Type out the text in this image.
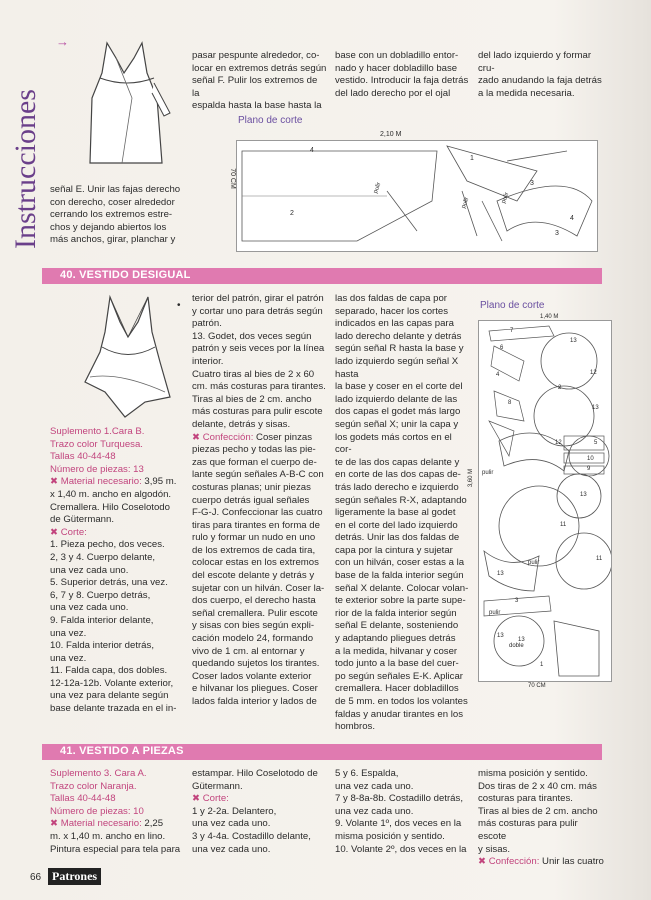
Instrucciones
→

señal E. Unir las fajas derecho

con derecho, coser alrededor

cerrando los extremos estre-

chos y dejando abiertos los

más anchos, girar, planchar y

pasar pespunte alrededor, co-

locar en extremos detrás según

señal F. Pulir los extremos de la

espalda hasta la base hasta la

base con un dobladillo entor-

nado y hacer dobladillo base

vestido. Introducir la faja detrás

del lado derecho por el ojal

del lado izquierdo y formar cru-

zado anudando la faja detrás

a la medida necesaria.

Plano de corte
2,10 M
70 CM	pulir
pulir	pulir
3
2
4
1
4
3
40. VESTIDO DESIGUAL
•

Suplemento 1.Cara B.

Trazo color Turquesa.

Tallas 40-44-48

Número de piezas: 13

✖ Material necesario: 3,95 m.

x 1,40 m. ancho en algodón.

Cremallera. Hilo Coselotodo

de Gütermann.

✖ Corte:

1. Pieza pecho, dos veces.

2, 3 y 4. Cuerpo delante,

una vez cada uno.

5. Superior detrás, una vez.

6, 7 y 8. Cuerpo detrás,

una vez cada uno.

9. Falda interior delante,

una vez.

10. Falda interior detrás,

una vez.

11. Falda capa, dos dobles.

12-12a-12b. Volante exterior,

una vez para delante según

base delante trazada en el in-

terior del patrón, girar el patrón

y cortar uno para detrás según

patrón.

13. Godet, dos veces según

patrón y seis veces por la línea

interior.

Cuatro tiras al bies de 2 x 60

cm. más costuras para tirantes.

Tiras al bies de 2 cm. ancho

más costuras para pulir escote

delante, detrás y sisas.

✖ Confección: Coser pinzas

piezas pecho y todas las pie-

zas que forman el cuerpo de-

lante según señales A-B-C con

costuras planas; unir piezas

cuerpo detrás igual señales

F-G-J. Confeccionar las cuatro

tiras para tirantes en forma de

rulo y formar un nudo en uno

de los extremos de cada tira,

colocar estas en los extremos

del escote delante y detrás y

sujetar con un hilván. Coser la-

dos cuerpo, el derecho hasta

señal cremallera. Pulir escote

y sisas con bies según expli-

cación modelo 24, formando

vivo de 1 cm. al entornar y

quedando sujetos los tirantes.

Coser lados volante exterior

e hilvanar los pliegues. Coser

lados falda interior y lados de

las dos faldas de capa por

separado, hacer los cortes

indicados en las capas para

lado derecho delante y detrás

según señal R hasta la base y

lado izquierdo según señal X hasta

la base y coser en el corte del

lado izquierdo delante de las

dos capas el godet más largo

según señal X; unir la capa y

los godets más cortos en el cor-

te de las dos capas delante y

en corte de las dos capas de-

trás lado derecho e izquierdo

según señales R-X, adaptando

ligeramente la base al godet

en el corte del lado izquierdo

detrás. Unir las dos faldas de

capa por la cintura y sujetar

con un hilván, coser estas a la

base de la falda interior según

señal X delante. Colocar volan-

te exterior sobre la parte supe-

rior de la falda interior según

señal E delante, sosteniendo

y adaptando pliegues detrás

a la medida, hilvanar y coser

todo junto a la base del cuer-

po según señales E-K. Aplicar

cremallera. Hacer dobladillos

de 5 mm. en todos los volantes

faldas y anudar tirantes en los

hombros.

Plano de corte
1,40 M
3,60 M
70 CM
7
6
4
8
13
12
2
13
12	5
10
9
pulir
11
13
13
pulir
11
pulir
3
13
13
doble
1
41. VESTIDO A PIEZAS

Suplemento 3. Cara A.

Trazo color Naranja.

Tallas 40-44-48

Número de piezas: 10

✖ Material necesario: 2,25

m. x 1,40 m. ancho en lino.

Pintura especial para tela para

estampar. Hilo Coselotodo de

Gütermann.

✖ Corte:

1 y 2-2a. Delantero,

una vez cada uno.

3 y 4-4a. Costadillo delante,

una vez cada uno.

5 y 6. Espalda,

una vez cada uno.

7 y 8-8a-8b. Costadillo detrás,

una vez cada uno.

9. Volante 1º, dos veces en la

misma posición y sentido.

10. Volante 2º, dos veces en la

misma posición y sentido.

Dos tiras de 2 x 40 cm. más

costuras para tirantes.

Tiras al bies de 2 cm. ancho

más costuras para pulir escote

y sisas.

✖ Confección: Unir las cuatro

66 Patrones
